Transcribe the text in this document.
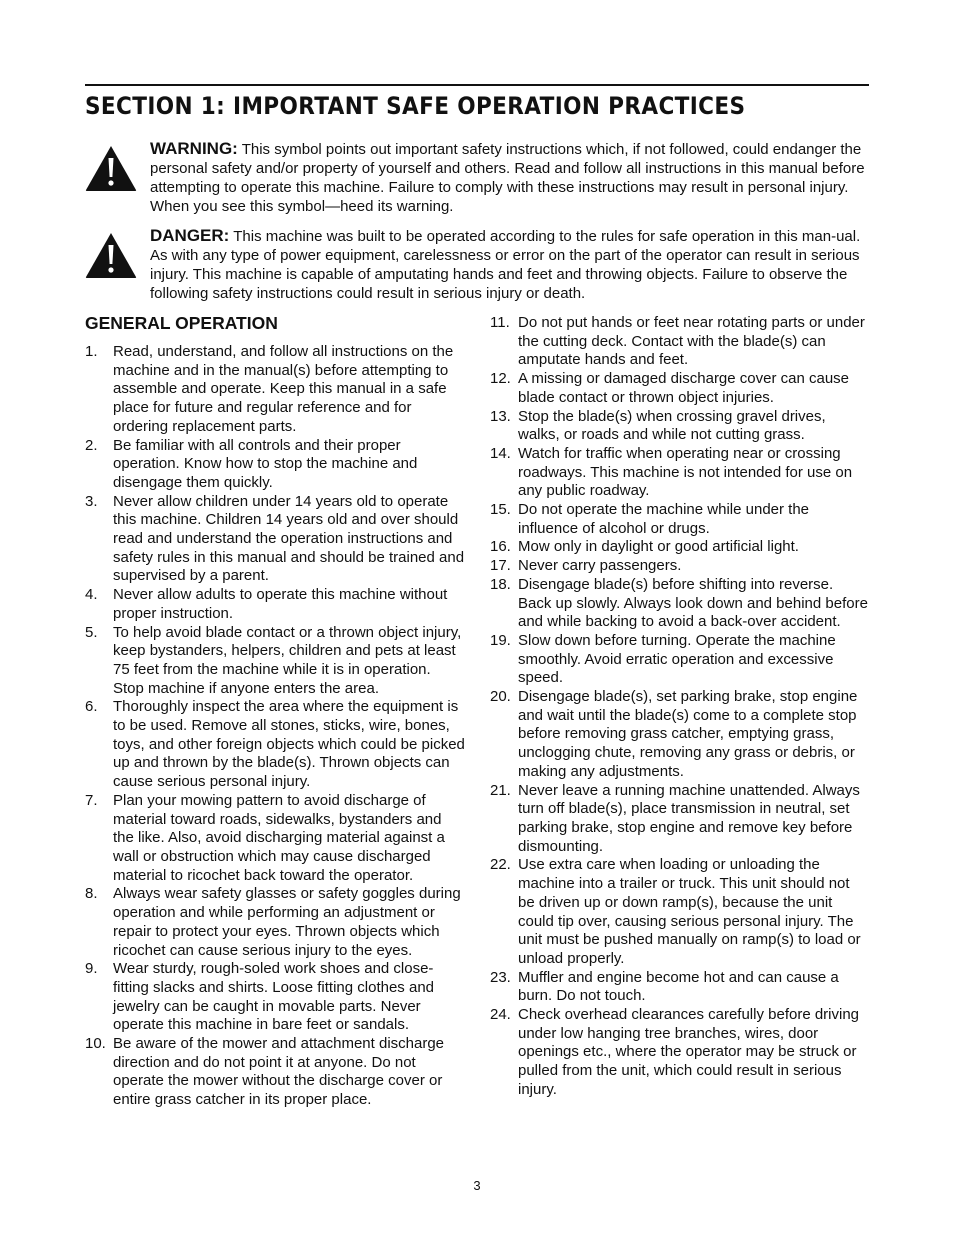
SECTION 1: IMPORTANT SAFE OPERATION PRACTICES

WARNING: This symbol points out important safety instructions which, if not followed, could endanger the personal safety and/or property of yourself and others. Read and follow all instructions in this manual before attempting to operate this machine. Failure to comply with these instructions may result in personal injury. When you see this symbol—heed its warning.

DANGER: This machine was built to be operated according to the rules for safe operation in this man-ual. As with any type of power equipment, carelessness or error on the part of the operator can result in serious injury. This machine is capable of amputating hands and feet and throwing objects. Failure to observe the following safety instructions could result in serious injury or death.

GENERAL OPERATION
1.	Read, understand, and follow all instructions on the machine and in the manual(s) before attempting to assemble and operate. Keep this manual in a safe place for future and regular reference and for ordering replacement parts.
2.	Be familiar with all controls and their proper operation. Know how to stop the machine and disengage them quickly.
3.	Never allow children under 14 years old to operate this machine. Children 14 years old and over should read and understand the operation instructions and safety rules in this manual and should be trained and supervised by a parent.
4.	Never allow adults to operate this machine without proper instruction.
5.	To help avoid blade contact or a thrown object injury, keep bystanders, helpers, children and pets at least 75 feet from the machine while it is in operation. Stop machine if anyone enters the area.
6.	Thoroughly inspect the area where the equipment is to be used. Remove all stones, sticks, wire, bones, toys, and other foreign objects which could be picked up and thrown by the blade(s). Thrown objects can cause serious personal injury.
7.	Plan your mowing pattern to avoid discharge of material toward roads, sidewalks, bystanders and the like. Also, avoid discharging material against a wall or obstruction which may cause discharged material to ricochet back toward the operator.
8.	Always wear safety glasses or safety goggles during operation and while performing an adjustment or repair to protect your eyes. Thrown objects which ricochet can cause serious injury to the eyes.
9.	Wear sturdy, rough-soled work shoes and close-fitting slacks and shirts. Loose fitting clothes and jewelry can be caught in movable parts. Never operate this machine in bare feet or sandals.
10. Be aware of the mower and attachment discharge direction and do not point it at anyone. Do not operate the mower without the discharge cover or entire grass catcher in its proper place.
11. Do not put hands or feet near rotating parts or under the cutting deck. Contact with the blade(s) can amputate hands and feet.
12. A missing or damaged discharge cover can cause blade contact or thrown object injuries.
13. Stop the blade(s) when crossing gravel drives, walks, or roads and while not cutting grass.
14. Watch for traffic when operating near or crossing roadways. This machine is not intended for use on any public roadway.
15. Do not operate the machine while under the influence of alcohol or drugs.
16. Mow only in daylight or good artificial light.
17. Never carry passengers.
18. Disengage blade(s) before shifting into reverse. Back up slowly. Always look down and behind before and while backing to avoid a back-over accident.
19. Slow down before turning. Operate the machine smoothly. Avoid erratic operation and excessive speed.
20. Disengage blade(s), set parking brake, stop engine and wait until the blade(s) come to a complete stop before removing grass catcher, emptying grass, unclogging chute, removing any grass or debris, or making any adjustments.
21. Never leave a running machine unattended. Always turn off blade(s), place transmission in neutral, set parking brake, stop engine and remove key before dismounting.
22. Use extra care when loading or unloading the machine into a trailer or truck. This unit should not be driven up or down ramp(s), because the unit could tip over, causing serious personal injury. The unit must be pushed manually on ramp(s) to load or unload properly.
23. Muffler and engine become hot and can cause a burn. Do not touch.
24. Check overhead clearances carefully before driving under low hanging tree branches, wires, door openings etc., where the operator may be struck or pulled from the unit, which could result in serious injury.
3
